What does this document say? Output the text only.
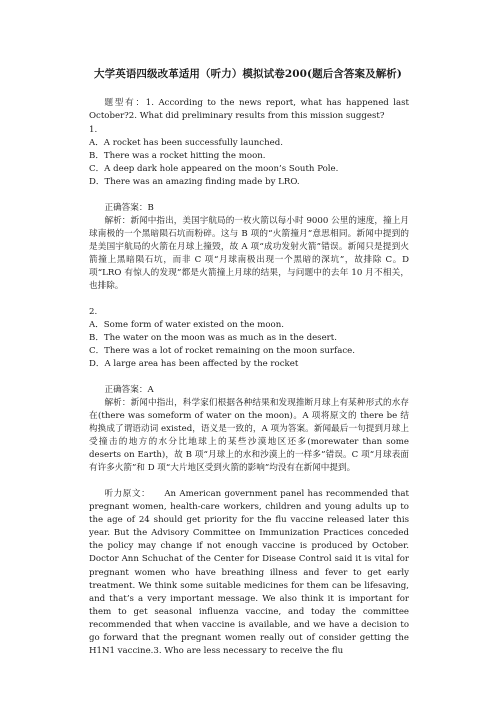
大学英语四级改革适用（听力）模拟试卷200(题后含答案及解析)
题型有：1. According to the news report, what has happened last October?2. What did preliminary results from this mission suggest?
1.
A．A rocket has been successfully launched.
B．There was a rocket hitting the moon.
C．A deep dark hole appeared on the moon’s South Pole.
D．There was an amazing finding made by LRO.
正确答案：B
解析：新闻中指出，美国宇航局的一枚火箭以每小时 9000 公里的速度，撞上月球南极的一个黑暗陨石坑而粉碎。这与 B 项的“火箭撞月”意思相同。新闻中提到的是美国宇航局的火箭在月球上撞毁，故 A 项“成功发射火箭”错误。新闻只是提到火箭撞上黑暗陨石坑，而非 C 项“月球南极出现一个黑暗的深坑”，故排除 C。D 项“LRO 有惊人的发现”都是火箭撞上月球的结果，与问题中的去年 10 月不相关，也排除。
2.
A．Some form of water existed on the moon.
B．The water on the moon was as much as in the desert.
C．There was a lot of rocket remaining on the moon surface.
D．A large area has been affected by the rocket
正确答案：A
解析：新闻中指出，科学家们根据各种结果和发现推断月球上有某种形式的水存在(there was someform of water on the moon)。A 项将原文的 there be 结构换成了谓语动词 existed，语义是一致的，A 项为答案。新闻最后一句提到月球上受撞击的地方的水分比地球上的某些沙漠地区还多(morewater than some deserts on Earth)，故 B 项“月球上的水和沙漠上的一样多”错误。C 项“月球表面有许多火箭”和 D 项“大片地区受到火箭的影响”均没有在新闻中提到。
听力原文：　　An American government panel has recommended that pregnant women, health-care workers, children and young adults up to the age of 24 should get priority for the flu vaccine released later this year. But the Advisory Committee on Immunization Practices conceded the policy may change if not enough vaccine is produced by October. Doctor Ann Schuchat of the Center for Disease Control said it is vital for pregnant women who have breathing illness and fever to get early treatment. We think some suitable medicines for them can be lifesaving, and that’s a very important message. We also think it is important for them to get seasonal influenza vaccine, and today the committee recommended that when vaccine is available, and we have a decision to go forward that the pregnant women really out of consider getting the H1N1 vaccine.3. Who are less necessary to receive the flu
